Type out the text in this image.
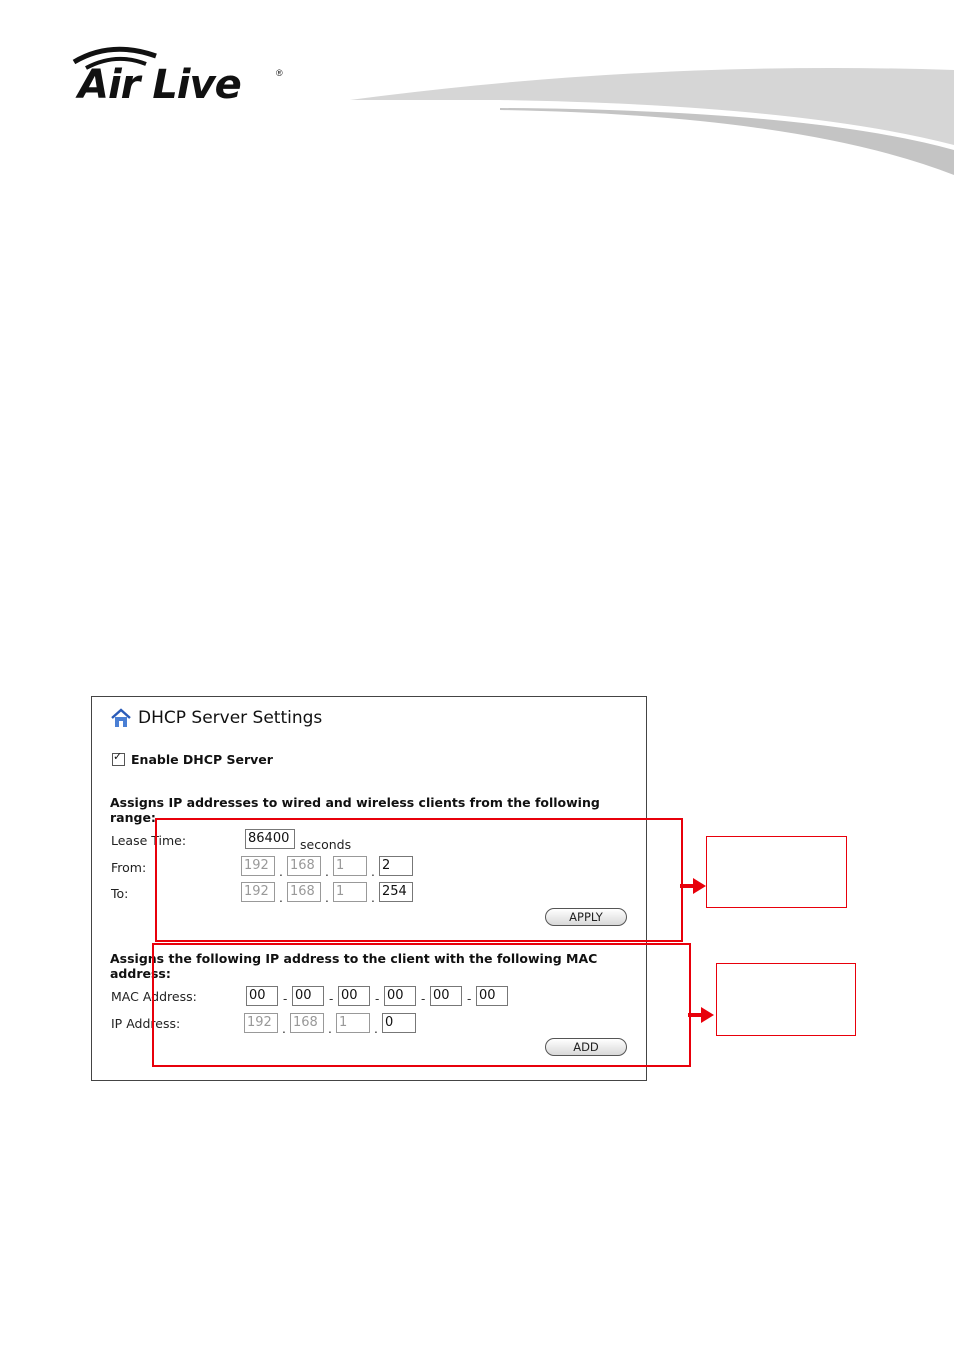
Air Live	®
DHCP Server Settings
✓
Enable DHCP Server
Assigns IP addresses to wired and wireless clients from the following range:
Lease Time:	86400 seconds
From:	192 . 168 . 1	. 2
To:	192 . 168 . 1	. 254
APPLY
Assigns the following IP address to the client with the following MAC address:
MAC Address:	00	- 00	- 00	- 00	- 00	- 00
IP Address:	192 . 168 . 1	. 0
ADD
